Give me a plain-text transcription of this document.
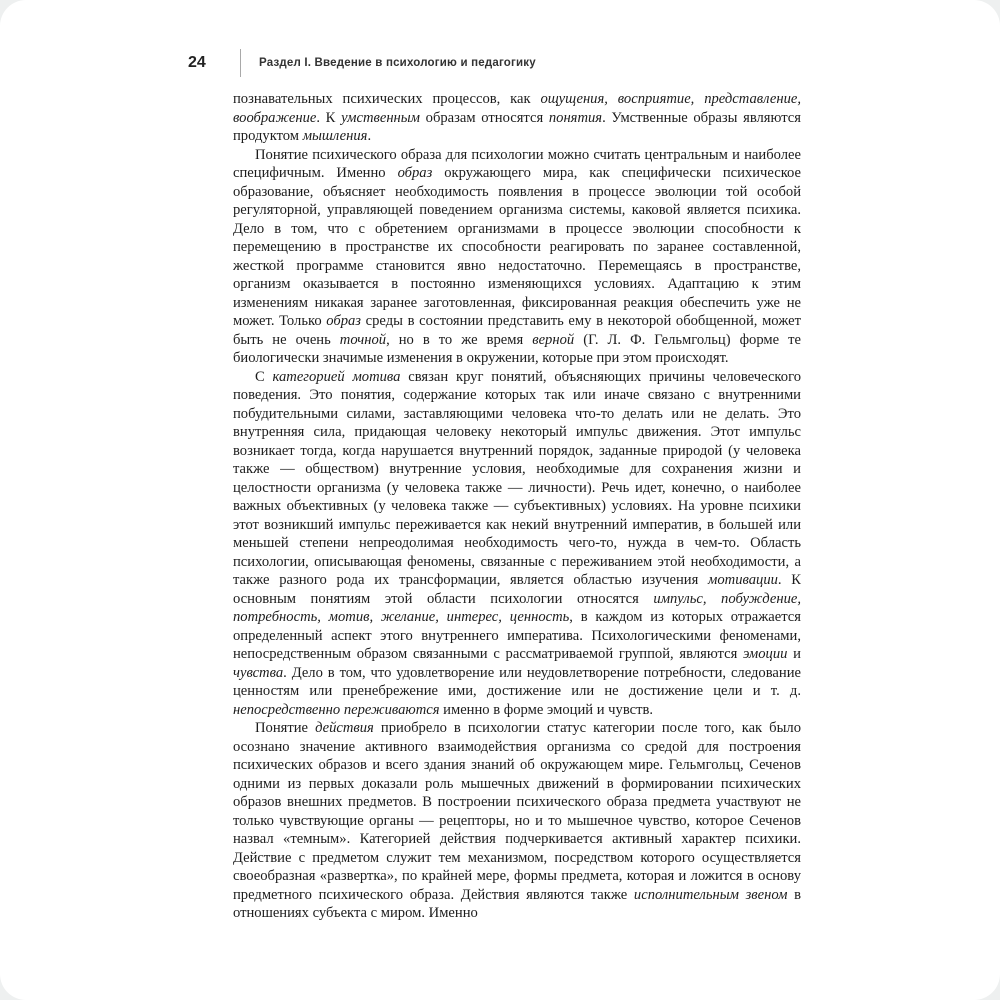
24	Раздел I. Введение в психологию и педагогику

познавательных психических процессов, как ощущения, восприятие, представление, воображение. К умственным образам относятся понятия. Умственные образы являются продуктом мышления.

Понятие психического образа для психологии можно считать центральным и наиболее специфичным. Именно образ окружающего мира, как специфически психическое образование, объясняет необходимость появления в процессе эволюции той особой регуляторной, управляющей поведением организма системы, каковой является психика. Дело в том, что с обретением организмами в процессе эволюции способности к перемещению в пространстве их способности реагировать по заранее составленной, жесткой программе становится явно недостаточно. Перемещаясь в пространстве, организм оказывается в постоянно изменяющихся условиях. Адаптацию к этим изменениям никакая заранее заготовленная, фиксированная реакция обеспечить уже не может. Только образ среды в состоянии представить ему в некоторой обобщенной, может быть не очень точной, но в то же время верной (Г. Л. Ф. Гельмгольц) форме те биологически значимые изменения в окружении, которые при этом происходят.

С категорией мотива связан круг понятий, объясняющих причины человеческого поведения. Это понятия, содержание которых так или иначе связано с внутренними побудительными силами, заставляющими человека что-то делать или не делать. Это внутренняя сила, придающая человеку некоторый импульс движения. Этот импульс возникает тогда, когда нарушается внутренний порядок, заданные природой (у человека также — обществом) внутренние условия, необходимые для сохранения жизни и целостности организма (у человека также — личности). Речь идет, конечно, о наиболее важных объективных (у человека также — субъективных) условиях. На уровне психики этот возникший импульс переживается как некий внутренний императив, в большей или меньшей степени непреодолимая необходимость чего-то, нужда в чем-то. Область психологии, описывающая феномены, связанные с переживанием этой необходимости, а также разного рода их трансформации, является областью изучения мотивации. К основным понятиям этой области психологии относятся импульс, побуждение, потребность, мотив, желание, интерес, ценность, в каждом из которых отражается определенный аспект этого внутреннего императива. Психологическими феноменами, непосредственным образом связанными с рассматриваемой группой, являются эмоции и чувства. Дело в том, что удовлетворение или неудовлетворение потребности, следование ценностям или пренебрежение ими, достижение или не достижение цели и т. д. непосредственно переживаются именно в форме эмоций и чувств.

Понятие действия приобрело в психологии статус категории после того, как было осознано значение активного взаимодействия организма со средой для построения психических образов и всего здания знаний об окружающем мире. Гельмгольц, Сеченов одними из первых доказали роль мышечных движений в формировании психических образов внешних предметов. В построении психического образа предмета участвуют не только чувствующие органы — рецепторы, но и то мышечное чувство, которое Сеченов назвал «темным». Категорией действия подчеркивается активный характер психики. Действие с предметом служит тем механизмом, посредством которого осуществляется своеобразная «развертка», по крайней мере, формы предмета, которая и ложится в основу предметного психического образа. Действия являются также исполнительным звеном в отношениях субъекта с миром. Именно
